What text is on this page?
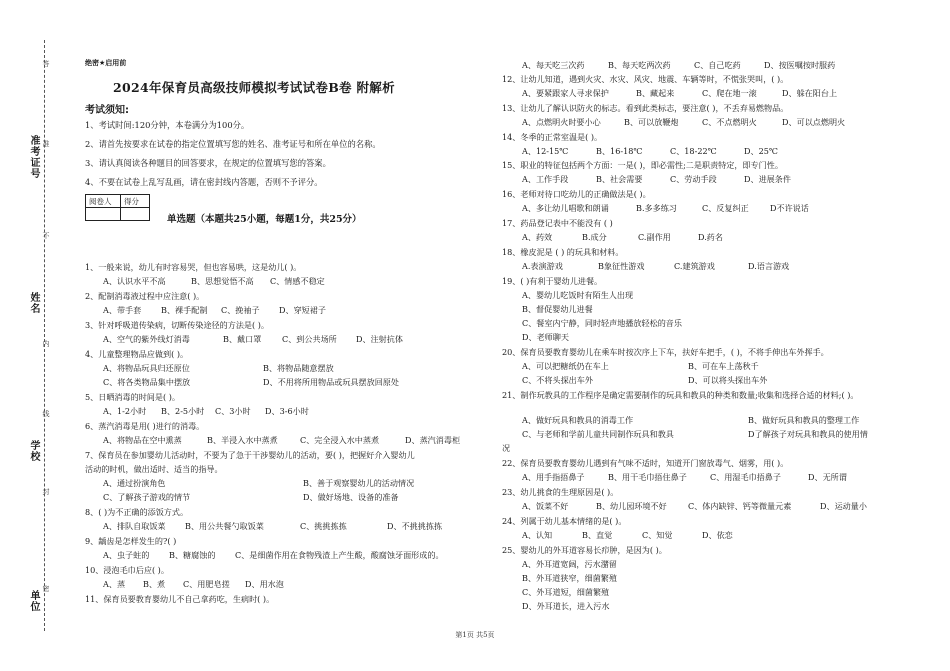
答
准
不
内
线
封
密
准考证号
姓名
学校
单位
绝密★启用前
2024年保育员高级技师模拟考试试卷B卷 附解析
考试须知:
1、考试时间:120分钟，本卷满分为100分。
2、请首先按要求在试卷的指定位置填写您的姓名、准考证号和所在单位的名称。
3、请认真阅读各种题目的回答要求，在规定的位置填写您的答案。
4、不要在试卷上乱写乱画，请在密封线内答题，否则不予评分。
阅卷人	得分

单选题（本题共25小题，每题1分，共25分）
1、一般来说，幼儿有时容易哭，但也容易哄，这是幼儿( )。
A、认识水平不高	B、思想觉悟不高 C、情感不稳定
2、配制消毒液过程中应注意( )。
A、带手套 B、裸手配制 C、挽袖子 D、穿短裙子
3、针对呼吸道传染病，切断传染途径的方法是( )。
A、空气的紫外线灯消毒	B、戴口罩	C、到公共场所 D、注射抗体
4、儿童整理物品应做到( )。
A、将物品玩具归还原位	B、将物品随意摆放
C、将各类物品集中摆放	D、不用将所用物品或玩具摆放回原处
5、日晒消毒的时间是( )。
A、1-2小时 B、2-5小时 C、3小时 D、3-6小时
6、蒸汽消毒是用( )进行的消毒。
A、将物品在空中熏蒸	B、半浸入水中蒸煮	C、完全浸入水中蒸煮	D、蒸汽消毒柜
7、保育员在参加婴幼儿活动时，不要为了急于干涉婴幼儿的活动，要( )，把握好介入婴幼儿
活动的时机，做出适时、适当的指导。
A、通过扮演角色	B、善于观察婴幼儿的活动情况
C、了解孩子游戏的情节	D、做好场地、设备的准备
8、( )为不正确的添饭方式。
A、排队自取饭菜 B、用公共餐勺取饭菜	C、挑挑拣拣	D、不挑挑拣拣
9、龋齿是怎样发生的?( )
A、虫子蛀的 B、糖腐蚀的 C、是细菌作用在食物残渣上产生酸，酸腐蚀牙面形成的。
10、浸泡毛巾后应( )。
A、蒸 B、煮 C、用肥皂搓 D、用水泡
11、保育员要教育婴幼儿不自己拿药吃，生病时( )。
A、每天吃三次药	B、每天吃两次药	C、自己吃药	D、按医嘱按时服药
12、让幼儿知道，遇到火灾、水灾、风灾、地震、车辆等时，不慌张哭叫，( )。
A、要紧跟家人寻求保护	B、藏起来	C、爬在地一滚	D、躲在阳台上
13、让幼儿了解认识防火的标志。看到此类标志，要注意( )，不丢弃易燃物品。
A、点燃明火时要小心	B、可以放鞭炮	C、不点燃明火	D、可以点燃明火
14、冬季的正常室温是( )。
A、12-15℃	B、16-18℃	C、18-22℃	D、25℃
15、职业的特征包括两个方面：一是( )，即必需性;二是职责特定，即专门性。
A、工作手段	B、社会需要	C、劳动手段	D、进展条件
16、老师对待口吃幼儿的正确做法是( )。
A、多让幼儿唱歌和朗诵	B.多多练习	C、反复纠正	D不许说话
17、药品登记表中不能没有 ( )
A、药效	B.成分	C.副作用	D.药名
18、橡皮泥是 ( ) 的玩具和材料。
A.表演游戏	B象征性游戏	C.建筑游戏	D.语言游戏
19、( )有利于婴幼儿进餐。
A、婴幼儿吃饭时有陌生人出现
B、督促婴幼儿进餐
C、餐室内宁静，同时轻声地播放轻松的音乐
D、老师聊天
20、保育员要教育婴幼儿在乘车时按次序上下车，扶好车把手，( )，不将手伸出车外挥手。
A、可以把糖纸仍在车上	B、可在车上荡秋千
C、不将头探出车外	D、可以将头探出车外
21、制作玩教具的工作程序是确定需要制作的玩具和教具的种类和数量;收集和选择合适的材料;( )。
A、做好玩具和教具的消毒工作	B、做好玩具和教具的整理工作
C、与老师和学前儿童共同制作玩具和教具	D了解孩子对玩具和教具的使用情
况
22、保育员要教育婴幼儿遇到有气味不适时，知道开门窗放毒气、烟雾，用( )。
A、用手指捂鼻子	B、用干毛巾捂住鼻子	C、用湿毛巾捂鼻子	D、无所谓
23、幼儿挑食的生理原因是( )。
A、饭菜不好	B、幼儿园环境不好	C、体内缺锌、钙等微量元素	D、运动量小
24、列属于幼儿基本情绪的是( )。
A、认知	B、直觉	C、知觉	D、依恋
25、婴幼儿的外耳道容易长疖肿，是因为( )。
A、外耳道宽阔，污水潴留
B、外耳道狭窄，细菌繁殖
C、外耳道短，细菌繁殖
D、外耳道长，进入污水
第1页 共5页
